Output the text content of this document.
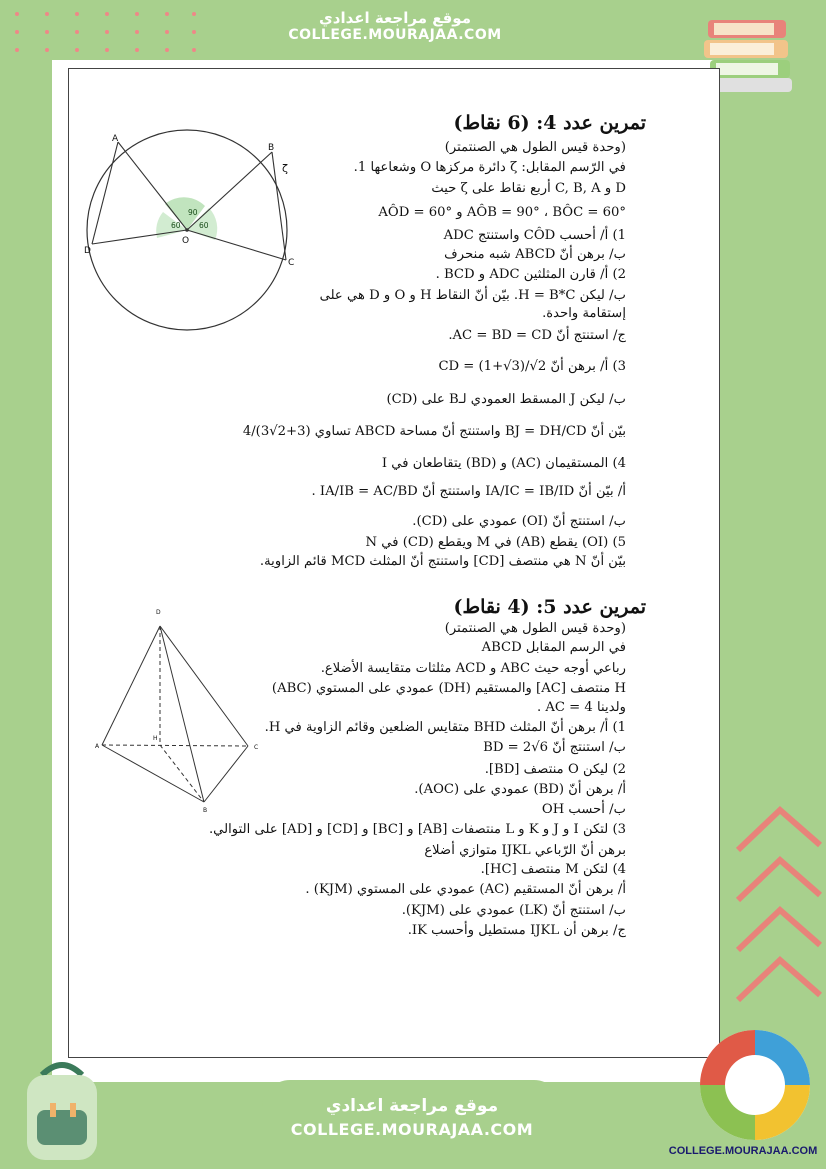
موقع مراجعة اعدادي
COLLEGE.MOURAJAA.COM
تمرين عدد 4: (6 نقاط)
(وحدة قيس الطول هي الصنتمتر)
في الرّسم المقابل: ζ دائرة مركزها O وشعاعها 1.
D و C, B, A أربع نقاط على ζ حيث
AÔB = 90° ، BÔC = 60° و AÔD = 60°
1) أ/ أحسب CÔD واستنتج ADC
ب/ برهن أنّ ABCD شبه منحرف
2) أ/ قارن المثلثين ADC و BCD .
ب/ ليكن H = B*C. بيّن أنّ النقاط H و O و D هي على
إستقامة واحدة.
ج/ استنتج أنّ AC = BD = CD.
3) أ/ برهن أنّ CD = (1+√3)/√2
ب/ ليكن J المسقط العمودي لـB على (CD)
بيّن أنّ BJ = DH/CD واستنتج أنّ مساحة ABCD تساوي (3+2√3)/4
4) المستقيمان (AC) و (BD) يتقاطعان في I
أ/ بيّن أنّ IA/IC = IB/ID واستنتج أنّ IA/IB = AC/BD .
ب/ استنتج أنّ (OI) عمودي على (CD).
5) (OI) يقطع (AB) في M ويقطع (CD) في N
بيّن أنّ N هي منتصف [CD] واستنتج أنّ المثلث MCD قائم الزاوية.
A
B
C
D
O
ζ
90
60 60
تمرين عدد 5: (4 نقاط)
(وحدة قيس الطول هي الصنتمتر)
في الرسم المقابل ABCD
رباعي أوجه حيث ABC و ACD مثلثات متقايسة الأضلاع.
H منتصف [AC] والمستقيم (DH) عمودي على المستوي (ABC)
ولدينا AC = 4 .
1) أ/ برهن أنّ المثلث BHD متقايس الضلعين وقائم الزاوية في H.
ب/ استنتج أنّ BD = 2√6
2) ليكن O منتصف [BD].
أ/ برهن أنّ (BD) عمودي على (AOC).
ب/ أحسب OH
3) لتكن I و J و K و L منتصفات [AB] و [BC] و [CD] و [AD] على التوالي.
برهن أنّ الرّباعي IJKL متوازي أضلاع
4) لتكن M منتصف [HC].
أ/ برهن أنّ المستقيم (AC) عمودي على المستوي (KJM) .
ب/ استنتج أنّ (LK) عمودي على (KJM).
ج/ برهن أن IJKL مستطيل وأحسب IK.
D
A	C
B
H
موقع مراجعة اعدادي
COLLEGE.MOURAJAA.COM
COLLEGE.MOURAJAA.COM
